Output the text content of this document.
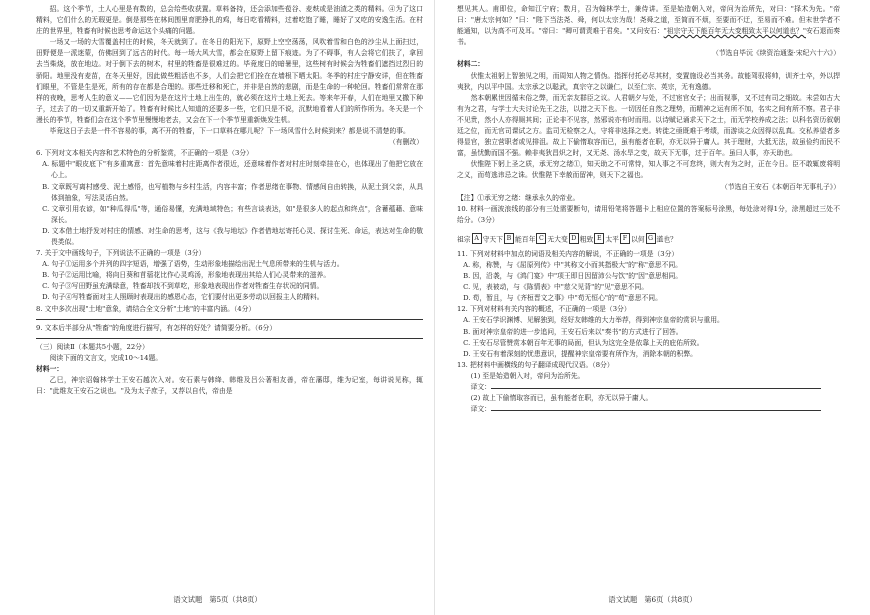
招。这个季节，土人心里是有数的，总会给些收获置。草料备持，还会添加些苞谷、麦麸或是油渣之类的精料。④为了这口精料，它们什么的无瑕更是。倒是那些在林间围里育肥挣扎的鸡，每日吃看精料，过着吃饱了睡，睡好了又吃的安逸生活。在村庄的世界里，牲畜有时候也思考命运这个头痛的问题。

一场又一场的大雪覆盖村庄的时候，冬天就到了。在冬日的阳光下，原野上空空荡荡，风吹着雪和白色的沙尘从上面扫过，田野便是一派迷蒙，仿佛回到了远古的时代。每一场大风大雪，都会在原野上留下痕迹。为了不碍事，有人会将它们扶了，拿回去当柴烧，放在地边。对于倒下去的树木，村里的牲畜是很难过的。毕竟度日的暗暑里，这些树有时候会为牲畜们遮挡过烈日的骄阳。地里没有麦苗，在冬天里好，因此做些粗活也不多，人们会把它们拴在在墙根下晒太阳。冬季的村庄宁静安详，但在牲畜们眼里，不管是生是死，所有的存在都是合理的。那些迁移和死亡，并非是自然的悲剧，而是生命的一种轮回。牲畜们常常在那样的夜晚，思考人生的意义——它们因为是在这片土地上出生的，就必须在这片土地上死去。等来年开春，人们在地里又撒下种子，过去了的一切又重新开始了。牲畜有时候比人知道的还要多一些，它们只是不说，沉默地看着人们的所作所为。冬天是一个漫长的季节，牲畜们会在这个季节里慢慢地老去，又会在下一个季节里重新焕发生机。

毕竟这日子去是一件不容易的事，离不开的牲畜，下一口草料在哪儿呢？下一场风雪什么时候到来？都是说不清楚的事。

（有删改）

6. 下列对文本相关内容和艺术特色的分析鉴赏，不正确的一项是（3分）

A. 标题中"眼皮底下"有多重寓意：首先意味着村庄距离作者很近，还意味着作者对村庄时刻牵挂在心，也体现出了他把它放在心上。

B. 文章既写离村感受、泥土感悟，也写植物与乡村生活，内容丰富；作者思绪在事物、情感间自由转换，从泥土到父亲，从具体到抽象，写法灵活自然。

C. 文章引用农谚，如"种瓜得瓜"等，通俗易懂，充满地域特色；有些言谈表达，如"是很多人的起点和终点"，含蓄蕴藉、意味深长。

D. 文本借土地抒发对村庄的情感、对生命的思考，这与《我与地坛》作者借地坛寄托心灵、探讨生死、命运，表达对生命的敬畏类似。

7. 关于文中画线句子，下列说法不正确的一项是（3分）

A. 句子①运用多个并列的四字短语，增强了语势，生动形象地描绘出泥土气息所带来的生机与活力。

B. 句子②运用比喻，将向日葵和苜蓿花比作心灵鸡汤，形象地表现出其给人们心灵带来的滋养。

C. 句子③写田野虽充满绿意，牲畜却找不到草吃，形象地表现出作者对牲畜生存状况的同情。

D. 句子④写牲畜面对主人照顾时表现出的感恩心态，它们要付出更多劳动以回报主人的精料。

8. 文中多次出现"土地"意象，请结合全文分析"土地"的丰富内涵。（4分）

9. 文本后半部分从"牲畜"的角度进行描写，有怎样的好处？请简要分析。（6分）

（三）阅读Ⅱ（本题共5小题，22分）

阅读下面的文言文，完成10～14题。

材料一：

乙巳，神宗诏翰林学士王安石越次入对。安石素与韩绛、韩维及吕公著相友善，帝在藩邸，维为记室，每讲说见称，辄曰："此维友王安石之说也。"及为太子庶子，又荐以自代，帝由是

语文试题　第5页（共8页）

想见其人。甫即位，命知江宁府；数月，召为翰林学士，兼侍讲。至是始造朝入对，帝问为治所先，对曰："择术为先。"帝曰："唐太宗何如？"曰："陛下当法尧、舜，何以太宗为哉！尧舜之道，至简而不烦，至要而不迂，至易而不难。但末世学者不能通知，以为高不可及耳。"帝曰："卿可谓责难于君矣。"又问安石："祖宗守天下能百年无大变粗致太平以何道也？"安石退而奏书。

（节选自毕沅《续资治通鉴·宋纪六十六》）

材料二：

伏惟太祖躬上智独见之明，而周知人物之情伪。指挥付托必尽其材，变置施设必当其务。故能驾驭将帅，训齐士卒，外以捍夷狄，内以平中国。太宗承之以聪武，真宗守之以谦仁，以至仁宗、英宗，无有逸德。

然本朝累世因循末俗之弊，而无亲友群臣之议。人君朝夕与处，不过宦官女子；出而视事，又不过有司之细故。未尝如古大有为之君，与学士大夫讨论先王之法，以措之天下也。一切因任自然之理势，而精神之运有所不加，名实之间有所不察。君子非不见贵，然小人亦得厕其间；正论非不见容，然邪说亦有时而用。以诗赋记诵求天下之士，而无学校养成之法；以科名资历叙朝廷之位，而无官司课试之方。监司无检察之人，守将非选择之吏。转徙之亟既难于考绩，而游谈之众因得以乱真。交私养望者多得显官，独立营职者或见排沮。故上下偷惰取容而已，虽有能者在职，亦无以异于庸人。其于理财，大抵无法，故虽俭约而民不富，虽忧勤而国不强。赖非夷狄昌炽之时，又无尧、汤水旱之变，故天下无事，过于百年。虽曰人事，亦天助也。

伏惟陛下躬上圣之质，承无穷之绪①，知天助之不可常恃，知人事之不可怠终，则大有为之时，正在今日。臣不敢辄废将明之义，而苟逃讳忌之诛。伏惟陛下幸赦而留神，则天下之福也。

（节选自王安石《本朝百年无事札子》）

【注】①承无穷之绪：继承永久的帝业。

10. 材料一画波浪线的部分有三处需要断句，请用铅笔将答题卡上相应位置的答案标号涂黑，每处涂对得1分，涂黑超过三处不给分。（3分）

祖宗 A 守天下 B 能百年 C 无大变 D 粗致 E 太平 F 以何 G 道也？

11. 下列对材料中加点的词语及相关内容的解说，不正确的一项是（3分）

A. 称，称赞，与《屈原列传》中"其称文小而其指极大"的"称"意思不同。

B. 因，沿袭，与《鸿门宴》中"项王即日因留沛公与饮"的"因"意思相同。

C. 见，表被动，与《陈情表》中"慈父见背"的"见"意思不同。

D. 苟，暂且，与《齐桓晋文之事》中"苟无恒心"的"苟"意思不同。

12. 下列对材料有关内容的概述，不正确的一项是（3分）

A. 王安石学识渊博、见解独到，经好友韩维的大力举荐，得到神宗皇帝的赏识与重用。

B. 面对神宗皇帝的进一步追问，王安石后来以"奏书"的方式进行了回答。

C. 王安石尽管赞赏本朝百年无事的局面，但认为这完全是依靠上天的庇佑所致。

D. 王安石有着深刻的忧患意识，提醒神宗皇帝要有所作为，消除本朝的积弊。

13. 把材料中画横线的句子翻译成现代汉语。（8分）

(1) 至是始造朝入对，帝问为治所先。

译文：

(2) 故上下偷惰取容而已，虽有能者在职，亦无以异于庸人。

译文：

语文试题　第6页（共8页）
